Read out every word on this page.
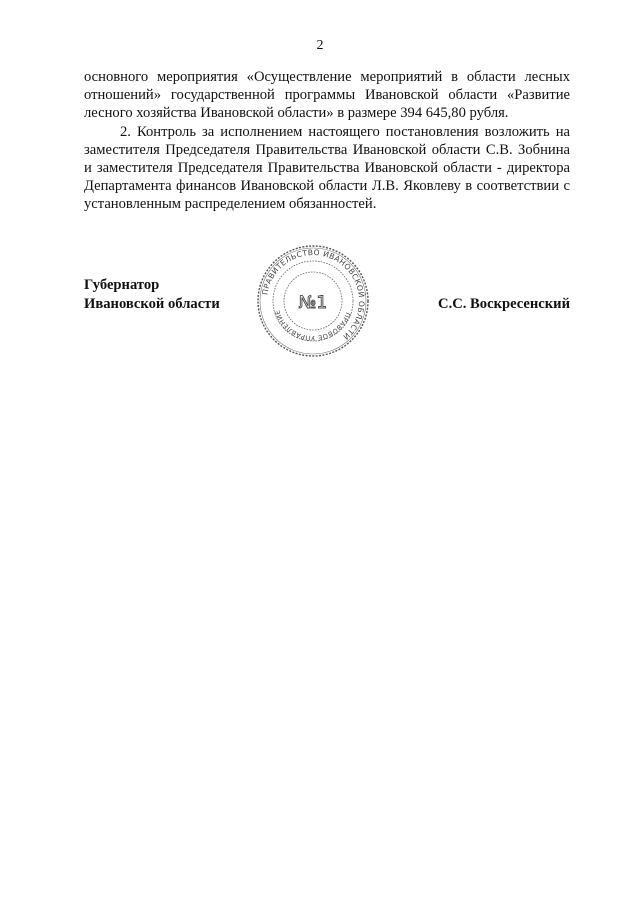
2

основного мероприятия «Осуществление мероприятий в области лесных отношений» государственной программы Ивановской области «Развитие лесного хозяйства Ивановской области» в размере 394 645,80 рубля.

2. Контроль за исполнением настоящего постановления возложить на заместителя Председателя Правительства Ивановской области С.В. Зобнина и заместителя Председателя Правительства Ивановской области - директора Департамента финансов Ивановской области Л.В. Яковлеву в соответствии с установленным распределением обязанностей.

Губернатор
Ивановской области	С.С. Воскресенский
ПРАВИТЕЛЬСТВО ИВАНОВСКОЙ ОБЛАСТИ
ПРАВОВОЕ УПРАВЛЕНИЕ №1
